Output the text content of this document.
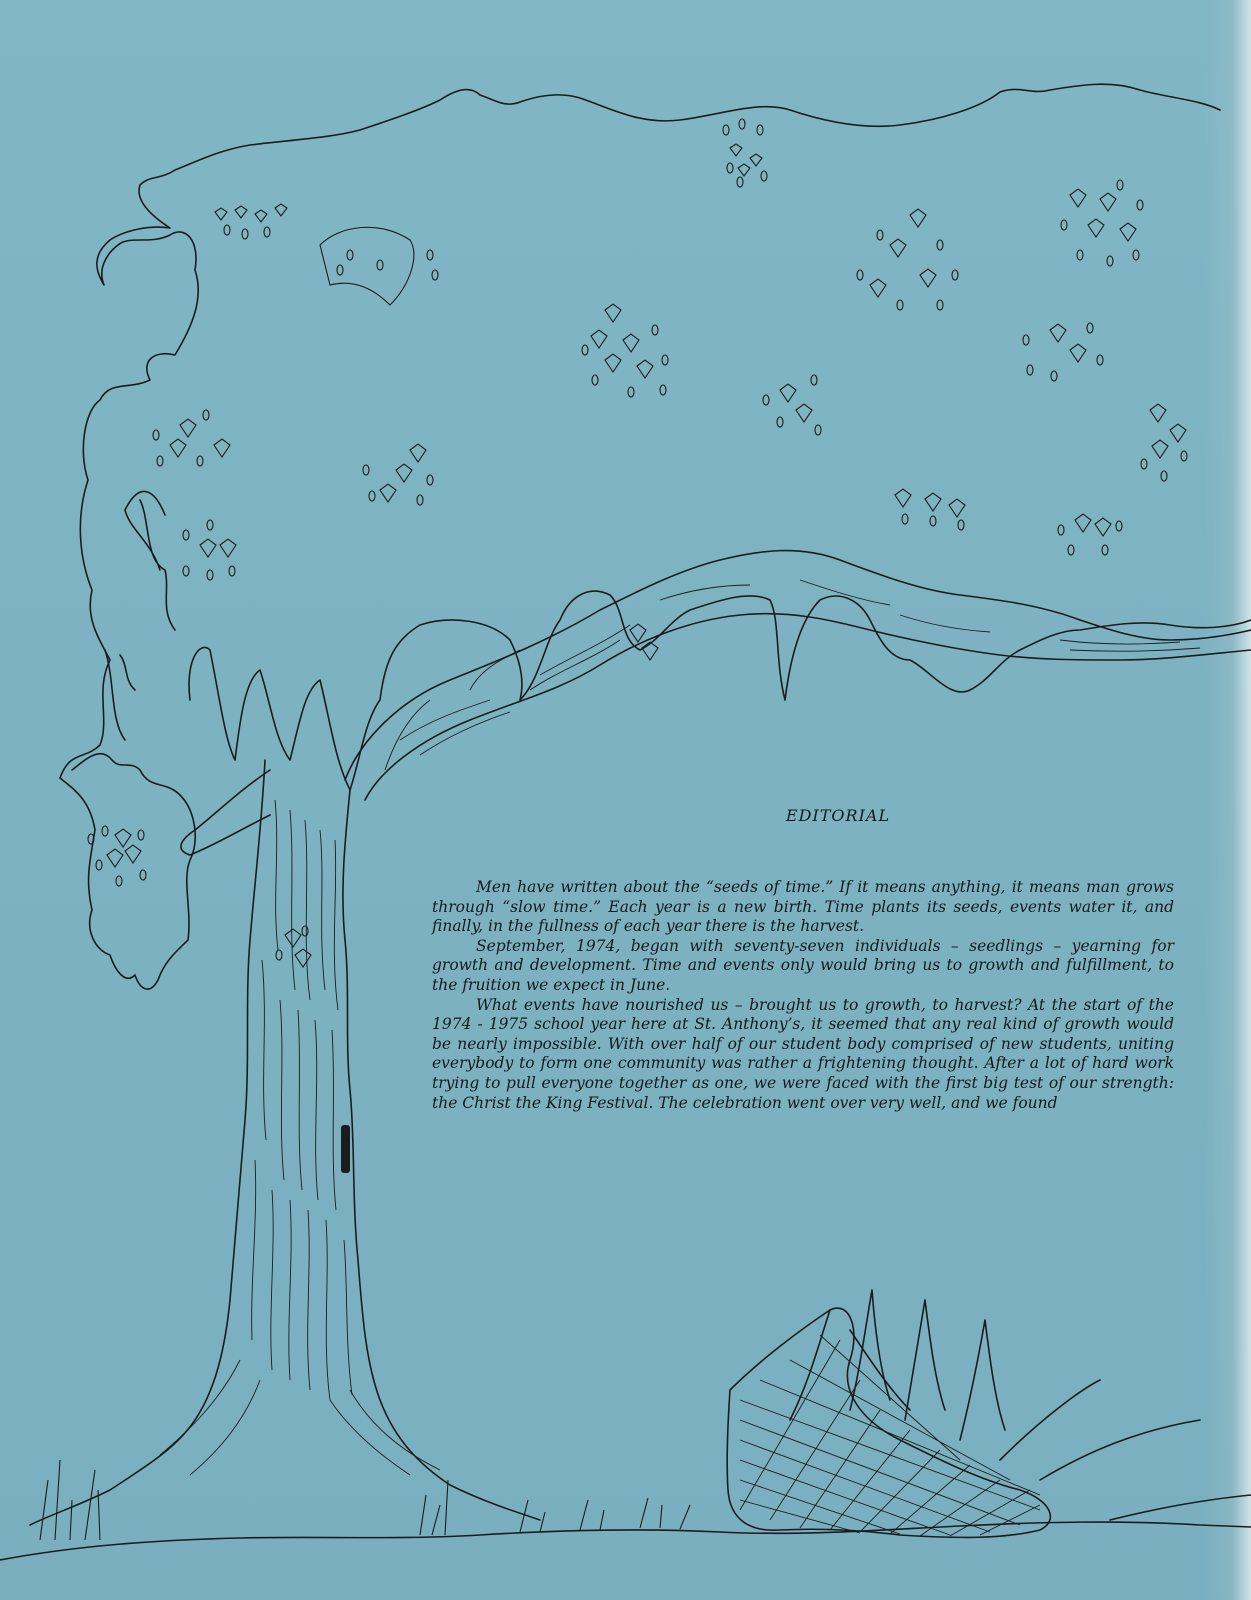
EDITORIAL

Men have written about the “seeds of time.” If it means anything, it means man grows through “slow time.” Each year is a new birth. Time plants its seeds, events water it, and finally, in the fullness of each year there is the harvest.

September, 1974, began with seventy-seven individuals – seedlings – yearning for growth and development. Time and events only would bring us to growth and fulfillment, to the fruition we expect in June.

What events have nourished us – brought us to growth, to harvest? At the start of the 1974 - 1975 school year here at St. Anthony’s, it seemed that any real kind of growth would be nearly impossible. With over half of our student body comprised of new students, uniting everybody to form one community was rather a frightening thought. After a lot of hard work trying to pull everyone together as one, we were faced with the first big test of our strength: the Christ the King Festival. The celebration went over very well, and we found
